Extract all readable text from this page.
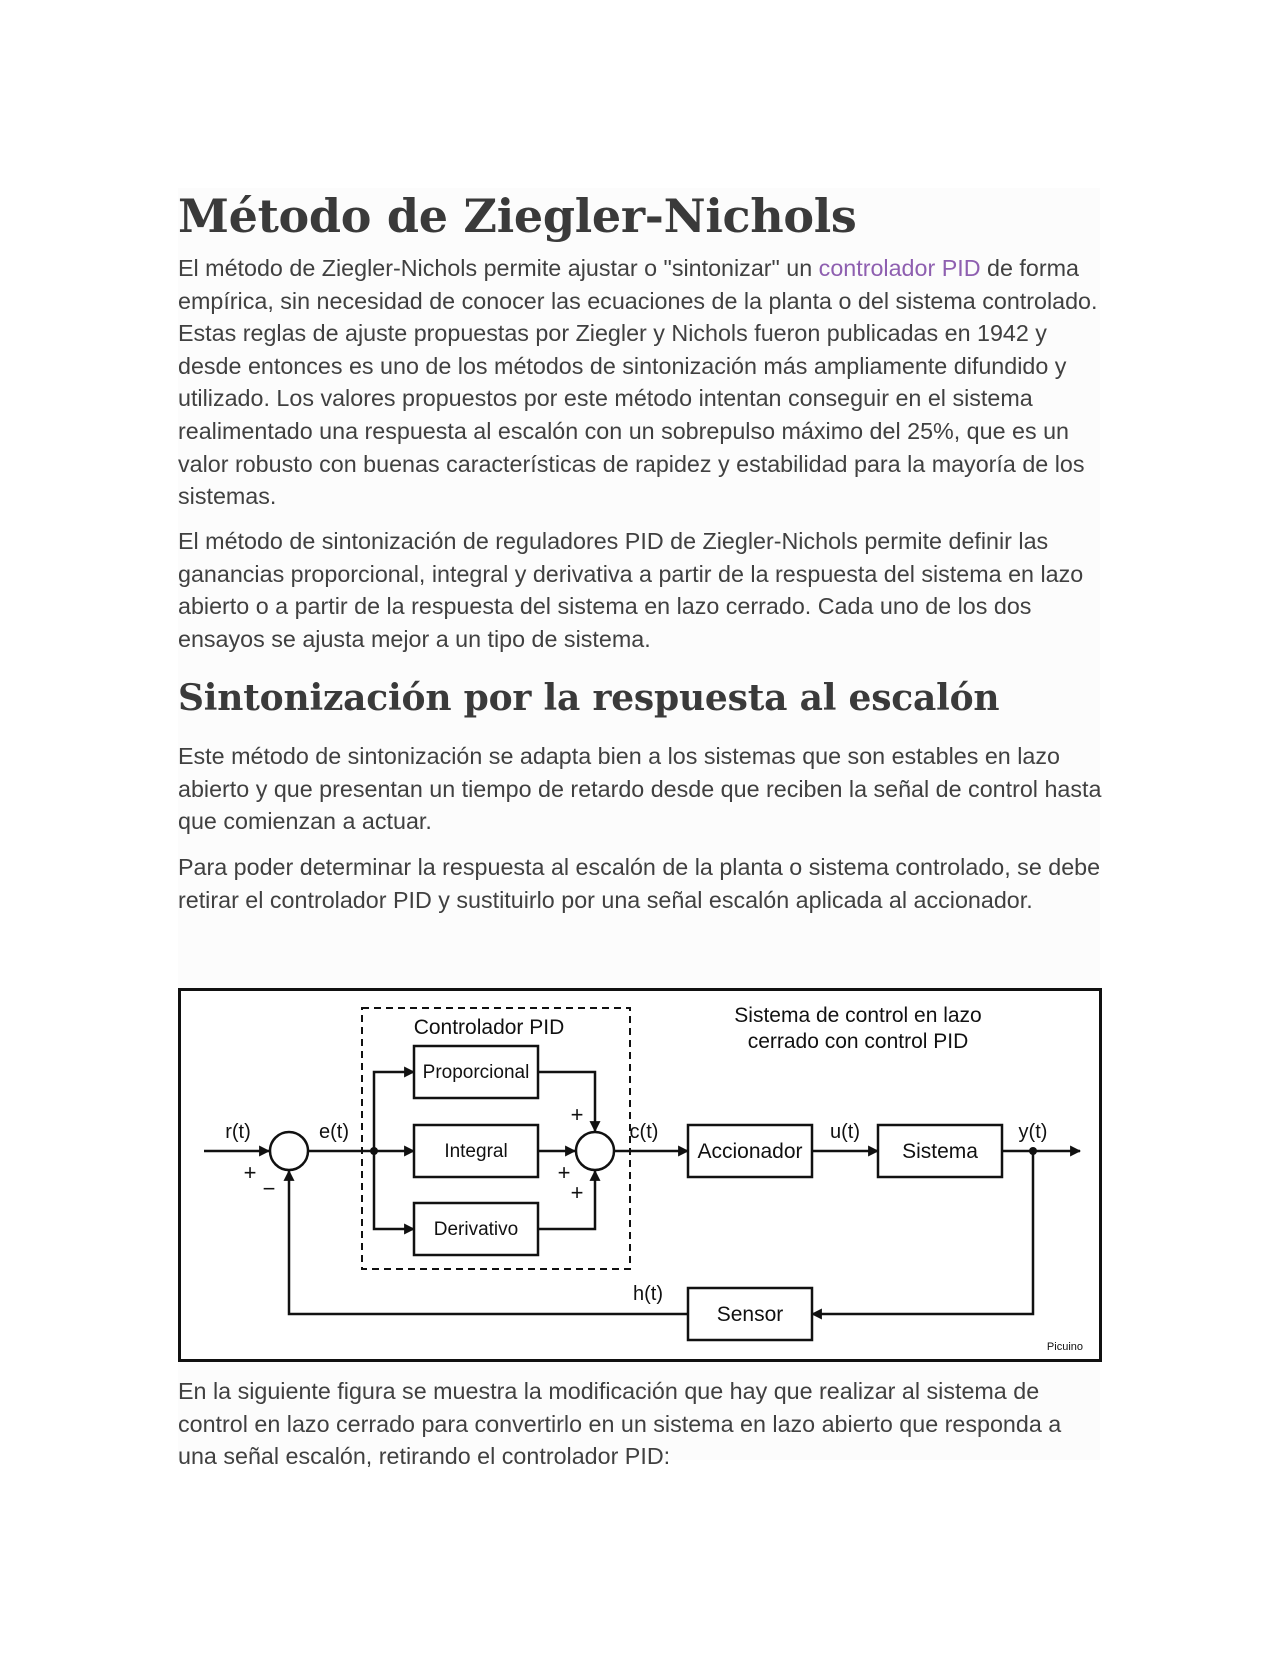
Método de Ziegler-Nichols

El método de Ziegler-Nichols permite ajustar o "sintonizar" un controlador PID de forma empírica, sin necesidad de conocer las ecuaciones de la planta o del sistema controlado. Estas reglas de ajuste propuestas por Ziegler y Nichols fueron publicadas en 1942 y desde entonces es uno de los métodos de sintonización más ampliamente difundido y utilizado. Los valores propuestos por este método intentan conseguir en el sistema realimentado una respuesta al escalón con un sobrepulso máximo del 25%, que es un valor robusto con buenas características de rapidez y estabilidad para la mayoría de los sistemas.

El método de sintonización de reguladores PID de Ziegler-Nichols permite definir las ganancias proporcional, integral y derivativa a partir de la respuesta del sistema en lazo abierto o a partir de la respuesta del sistema en lazo cerrado. Cada uno de los dos ensayos se ajusta mejor a un tipo de sistema.

Sintonización por la respuesta al escalón

Este método de sintonización se adapta bien a los sistemas que son estables en lazo abierto y que presentan un tiempo de retardo desde que reciben la señal de control hasta que comienzan a actuar.

Para poder determinar la respuesta al escalón de la planta o sistema controlado, se debe retirar el controlador PID y sustituirlo por una señal escalón aplicada al accionador.

Sistema de control en lazo
cerrado con control PID
Controlador PID
Proporcional
Integral
Derivativo
Accionador	Sistema
Sensor
r(t)	e(t)	c(t)	u(t)	y(t)
h(t)
+
−
+
+
+
Picuino

En la siguiente figura se muestra la modificación que hay que realizar al sistema de control en lazo cerrado para convertirlo en un sistema en lazo abierto que responda a una señal escalón, retirando el controlador PID:
